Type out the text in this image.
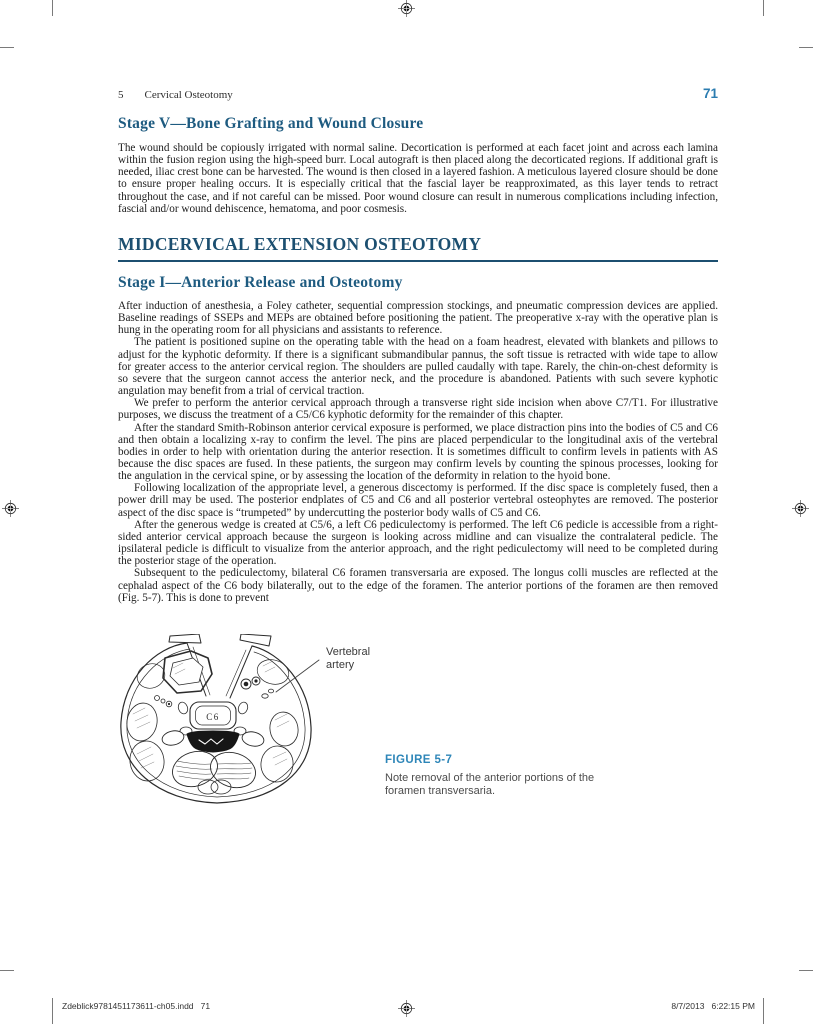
5 Cervical Osteotomy	71
Stage V—Bone Grafting and Wound Closure

The wound should be copiously irrigated with normal saline. Decortication is performed at each facet joint and across each lamina within the fusion region using the high-speed burr. Local autograft is then placed along the decorticated regions. If additional graft is needed, iliac crest bone can be harvested. The wound is then closed in a layered fashion. A meticulous layered closure should be done to ensure proper healing occurs. It is especially critical that the fascial layer be reapproximated, as this layer tends to retract throughout the case, and if not careful can be missed. Poor wound closure can result in numerous complications including infection, fascial and/or wound dehiscence, hematoma, and poor cosmesis.

MIDCERVICAL EXTENSION OSTEOTOMY
Stage I—Anterior Release and Osteotomy

After induction of anesthesia, a Foley catheter, sequential compression stockings, and pneumatic compression devices are applied. Baseline readings of SSEPs and MEPs are obtained before positioning the patient. The preoperative x-ray with the operative plan is hung in the operating room for all physicians and assistants to reference.

The patient is positioned supine on the operating table with the head on a foam headrest, elevated with blankets and pillows to adjust for the kyphotic deformity. If there is a significant submandibular pannus, the soft tissue is retracted with wide tape to allow for greater access to the anterior cervical region. The shoulders are pulled caudally with tape. Rarely, the chin-on-chest deformity is so severe that the surgeon cannot access the anterior neck, and the procedure is abandoned. Patients with such severe kyphotic angulation may benefit from a trial of cervical traction.

We prefer to perform the anterior cervical approach through a transverse right side incision when above C7/T1. For illustrative purposes, we discuss the treatment of a C5/C6 kyphotic deformity for the remainder of this chapter.

After the standard Smith-Robinson anterior cervical exposure is performed, we place distraction pins into the bodies of C5 and C6 and then obtain a localizing x-ray to confirm the level. The pins are placed perpendicular to the longitudinal axis of the vertebral bodies in order to help with orientation during the anterior resection. It is sometimes difficult to confirm levels in patients with AS because the disc spaces are fused. In these patients, the surgeon may confirm levels by counting the spinous processes, looking for the angulation in the cervical spine, or by assessing the location of the deformity in relation to the hyoid bone.

Following localization of the appropriate level, a generous discectomy is performed. If the disc space is completely fused, then a power drill may be used. The posterior endplates of C5 and C6 and all posterior vertebral osteophytes are removed. The posterior aspect of the disc space is “trumpeted” by undercutting the posterior body walls of C5 and C6.

After the generous wedge is created at C5/6, a left C6 pediculectomy is performed. The left C6 pedicle is accessible from a right-sided anterior cervical approach because the surgeon is looking across midline and can visualize the contralateral pedicle. The ipsilateral pedicle is difficult to visualize from the anterior approach, and the right pediculectomy will need to be completed during the posterior stage of the operation.

Subsequent to the pediculectomy, bilateral C6 foramen transversaria are exposed. The longus colli muscles are reflected at the cephalad aspect of the C6 body bilaterally, out to the edge of the foramen. The anterior portions of the foramen are then removed (Fig. 5-7). This is done to prevent

C6
Vertebral artery
FIGURE 5-7
Note removal of the anterior portions of the foramen transversaria.
Zdeblick9781451173611-ch05.indd   71	8/7/2013   6:22:15 PM
